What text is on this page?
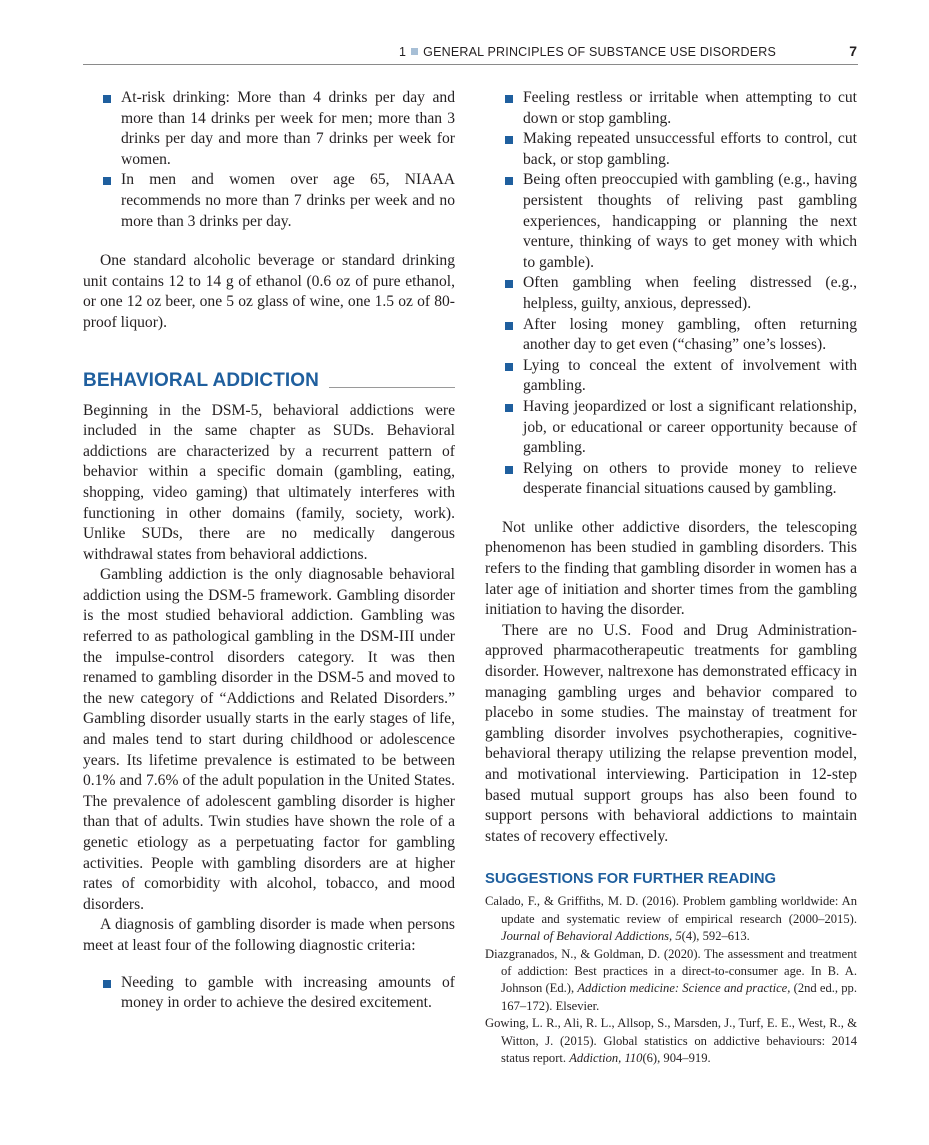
1 GENERAL PRINCIPLES OF SUBSTANCE USE DISORDERS	7
At-risk drinking: More than 4 drinks per day and more than 14 drinks per week for men; more than 3 drinks per day and more than 7 drinks per week for women.
In men and women over age 65, NIAAA recommends no more than 7 drinks per week and no more than 3 drinks per day.

One standard alcoholic beverage or standard drinking unit contains 12 to 14 g of ethanol (0.6 oz of pure ethanol, or one 12 oz beer, one 5 oz glass of wine, one 1.5 oz of 80-proof liquor).

BEHAVIORAL ADDICTION

Beginning in the DSM-5, behavioral addictions were included in the same chapter as SUDs. Behavioral addictions are characterized by a recurrent pattern of behavior within a specific domain (gambling, eating, shopping, video gaming) that ultimately interferes with functioning in other domains (family, society, work). Unlike SUDs, there are no medically dangerous withdrawal states from behavioral addictions.

Gambling addiction is the only diagnosable behavioral addiction using the DSM-5 framework. Gambling disorder is the most studied behavioral addiction. Gambling was referred to as pathological gambling in the DSM-III under the impulse-control disorders category. It was then renamed to gambling disorder in the DSM-5 and moved to the new category of “Addictions and Related Disorders.” Gambling disorder usually starts in the early stages of life, and males tend to start during childhood or adolescence years. Its lifetime prevalence is estimated to be between 0.1% and 7.6% of the adult population in the United States. The prevalence of adolescent gambling disorder is higher than that of adults. Twin studies have shown the role of a genetic etiology as a perpetuating factor for gambling activities. People with gambling disorders are at higher rates of comorbidity with alcohol, tobacco, and mood disorders.

A diagnosis of gambling disorder is made when persons meet at least four of the following diagnostic criteria:

Needing to gamble with increasing amounts of money in order to achieve the desired excitement.
Feeling restless or irritable when attempting to cut down or stop gambling.
Making repeated unsuccessful efforts to control, cut back, or stop gambling.
Being often preoccupied with gambling (e.g., having persistent thoughts of reliving past gambling experiences, handicapping or planning the next venture, thinking of ways to get money with which to gamble).
Often gambling when feeling distressed (e.g., helpless, guilty, anxious, depressed).
After losing money gambling, often returning another day to get even (“chasing” one’s losses).
Lying to conceal the extent of involvement with gambling.
Having jeopardized or lost a significant relationship, job, or educational or career opportunity because of gambling.
Relying on others to provide money to relieve desperate financial situations caused by gambling.

Not unlike other addictive disorders, the telescoping phenomenon has been studied in gambling disorders. This refers to the finding that gambling disorder in women has a later age of initiation and shorter times from the gambling initiation to having the disorder.

There are no U.S. Food and Drug Administration-approved pharmacotherapeutic treatments for gambling disorder. However, naltrexone has demonstrated efficacy in managing gambling urges and behavior compared to placebo in some studies. The mainstay of treatment for gambling disorder involves psychotherapies, cognitive-behavioral therapy utilizing the relapse prevention model, and motivational interviewing. Participation in 12-step based mutual support groups has also been found to support persons with behavioral addictions to maintain states of recovery effectively.

SUGGESTIONS FOR FURTHER READING
Calado, F., & Griffiths, M. D. (2016). Problem gambling worldwide: An update and systematic review of empirical research (2000–2015). Journal of Behavioral Addictions, 5(4), 592–613.
Diazgranados, N., & Goldman, D. (2020). The assessment and treatment of addiction: Best practices in a direct-to-consumer age. In B. A. Johnson (Ed.), Addiction medicine: Science and practice, (2nd ed., pp. 167–172). Elsevier.
Gowing, L. R., Ali, R. L., Allsop, S., Marsden, J., Turf, E. E., West, R., & Witton, J. (2015). Global statistics on addictive behaviours: 2014 status report. Addiction, 110(6), 904–919.
